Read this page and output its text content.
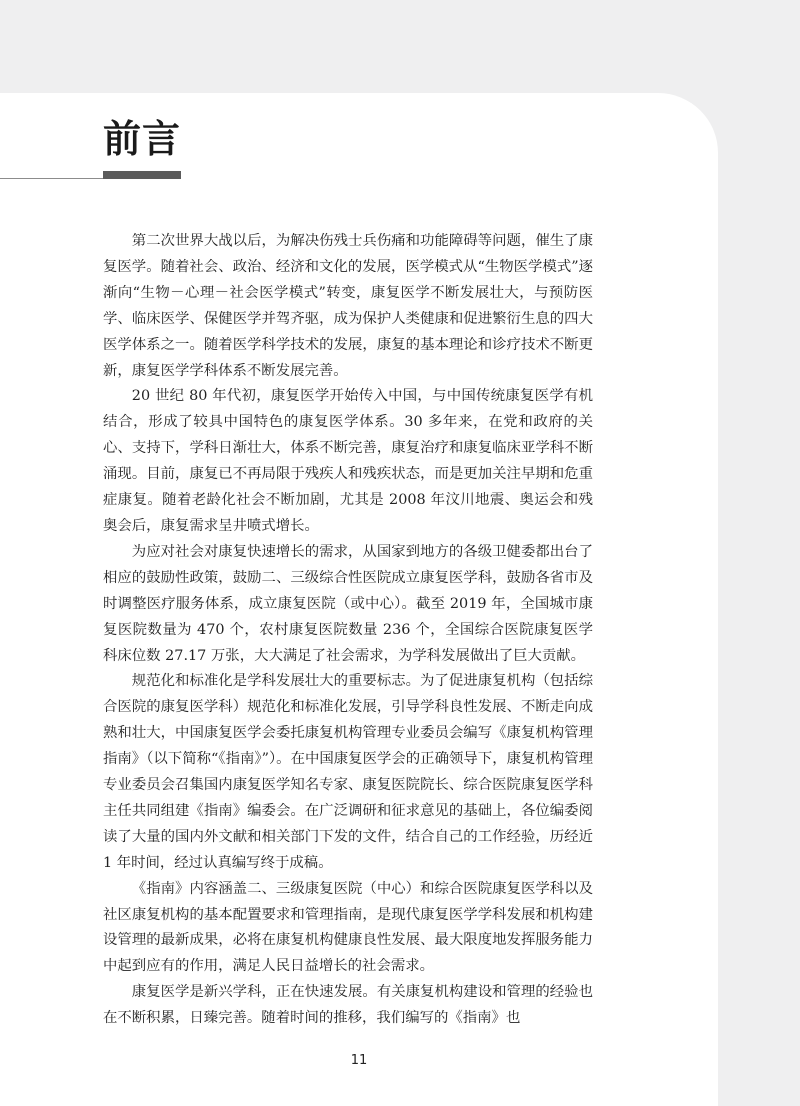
前言

第二次世界大战以后，为解决伤残士兵伤痛和功能障碍等问题，催生了康复医学。随着社会、政治、经济和文化的发展，医学模式从“生物医学模式”逐渐向“生物－心理－社会医学模式”转变，康复医学不断发展壮大，与预防医学、临床医学、保健医学并驾齐驱，成为保护人类健康和促进繁衍生息的四大医学体系之一。随着医学科学技术的发展，康复的基本理论和诊疗技术不断更新，康复医学学科体系不断发展完善。

20 世纪 80 年代初，康复医学开始传入中国，与中国传统康复医学有机结合，形成了较具中国特色的康复医学体系。30 多年来，在党和政府的关心、支持下，学科日渐壮大，体系不断完善，康复治疗和康复临床亚学科不断涌现。目前，康复已不再局限于残疾人和残疾状态，而是更加关注早期和危重症康复。随着老龄化社会不断加剧，尤其是 2008 年汶川地震、奥运会和残奥会后，康复需求呈井喷式增长。

为应对社会对康复快速增长的需求，从国家到地方的各级卫健委都出台了相应的鼓励性政策，鼓励二、三级综合性医院成立康复医学科，鼓励各省市及时调整医疗服务体系，成立康复医院（或中心）。截至 2019 年，全国城市康复医院数量为 470 个，农村康复医院数量 236 个，全国综合医院康复医学科床位数 27.17 万张，大大满足了社会需求，为学科发展做出了巨大贡献。

规范化和标准化是学科发展壮大的重要标志。为了促进康复机构（包括综合医院的康复医学科）规范化和标准化发展，引导学科良性发展、不断走向成熟和壮大，中国康复医学会委托康复机构管理专业委员会编写《康复机构管理指南》（以下简称“《指南》”）。在中国康复医学会的正确领导下，康复机构管理专业委员会召集国内康复医学知名专家、康复医院院长、综合医院康复医学科主任共同组建《指南》编委会。在广泛调研和征求意见的基础上，各位编委阅读了大量的国内外文献和相关部门下发的文件，结合自己的工作经验，历经近 1 年时间，经过认真编写终于成稿。

《指南》内容涵盖二、三级康复医院（中心）和综合医院康复医学科以及社区康复机构的基本配置要求和管理指南，是现代康复医学学科发展和机构建设管理的最新成果，必将在康复机构健康良性发展、最大限度地发挥服务能力中起到应有的作用，满足人民日益增长的社会需求。

康复医学是新兴学科，正在快速发展。有关康复机构建设和管理的经验也在不断积累，日臻完善。随着时间的推移，我们编写的《指南》也

11
